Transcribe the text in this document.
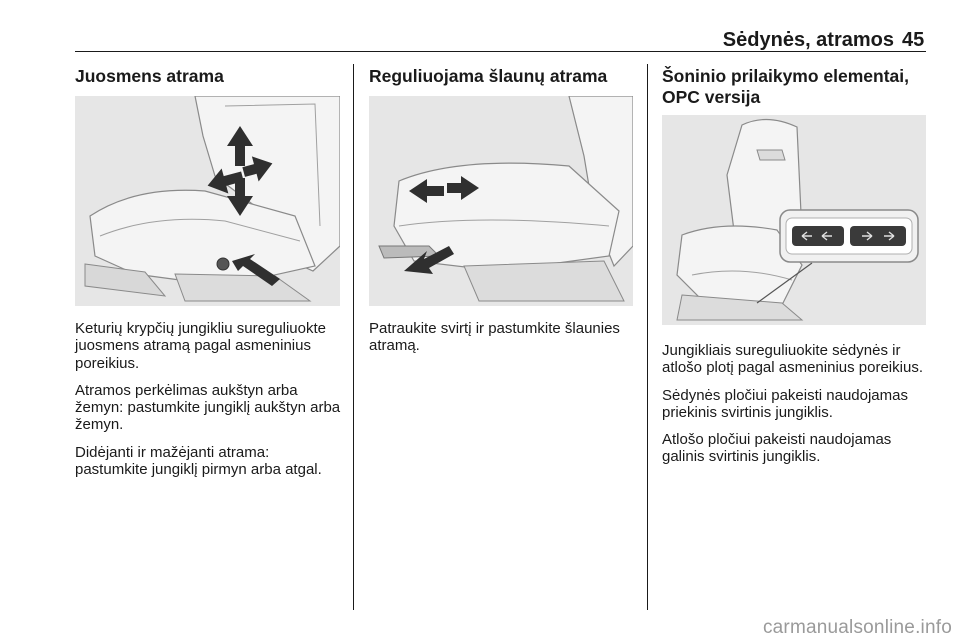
Sėdynės, atramos 45
Juosmens atrama

Keturių krypčių jungikliu sureguliuokte juosmens atramą pagal asmeninius poreikius.

Atramos perkėlimas aukštyn arba žemyn: pastumkite jungiklį aukštyn arba žemyn.

Didėjanti ir mažėjanti atrama: pastumkite jungiklį pirmyn arba atgal.

Reguliuojama šlaunų atrama

Patraukite svirtį ir pastumkite šlaunies atramą.

Šoninio prilaikymo elementai,
OPC versija

Jungikliais sureguliuokite sėdynės ir atlošo plotį pagal asmeninius poreikius.

Sėdynės pločiui pakeisti naudojamas priekinis svirtinis jungiklis.

Atlošo pločiui pakeisti naudojamas galinis svirtinis jungiklis.

carmanualsonline.info
